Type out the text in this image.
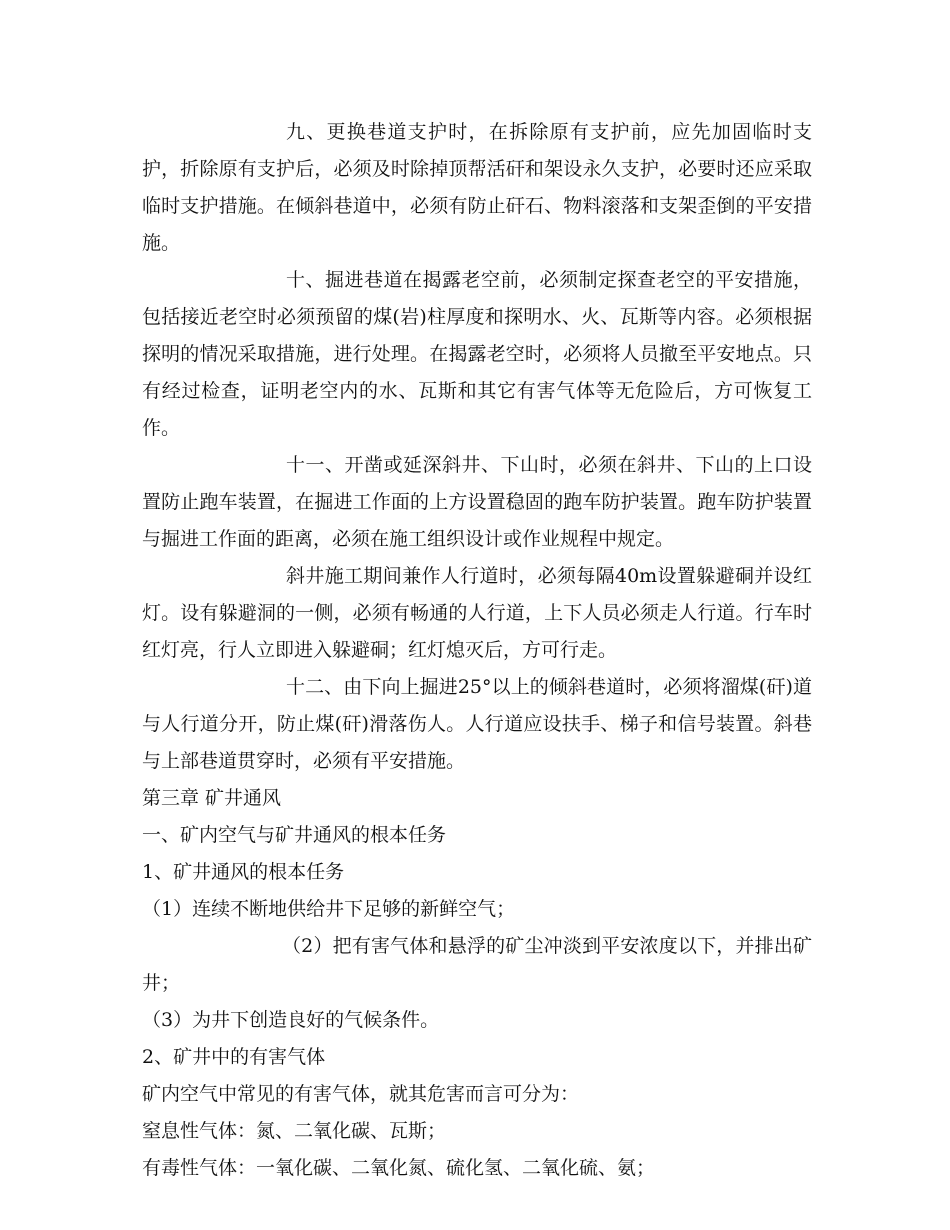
九、更换巷道支护时，在拆除原有支护前，应先加固临时支护，折除原有支护后，必须及时除掉顶帮活矸和架设永久支护，必要时还应采取临时支护措施。在倾斜巷道中，必须有防止矸石、物料滚落和支架歪倒的平安措施。

十、掘进巷道在揭露老空前，必须制定探查老空的平安措施，包括接近老空时必须预留的煤(岩)柱厚度和探明水、火、瓦斯等内容。必须根据探明的情况采取措施，进行处理。在揭露老空时，必须将人员撤至平安地点。只有经过检查，证明老空内的水、瓦斯和其它有害气体等无危险后，方可恢复工作。

十一、开凿或延深斜井、下山时，必须在斜井、下山的上口设置防止跑车装置，在掘进工作面的上方设置稳固的跑车防护装置。跑车防护装置与掘进工作面的距离，必须在施工组织设计或作业规程中规定。

斜井施工期间兼作人行道时，必须每隔40m设置躲避硐并设红灯。设有躲避洞的一侧，必须有畅通的人行道，上下人员必须走人行道。行车时红灯亮，行人立即进入躲避硐；红灯熄灭后，方可行走。

十二、由下向上掘进25°以上的倾斜巷道时，必须将溜煤(矸)道与人行道分开，防止煤(矸)滑落伤人。人行道应设扶手、梯子和信号装置。斜巷与上部巷道贯穿时，必须有平安措施。

第三章 矿井通风

一、矿内空气与矿井通风的根本任务

1、矿井通风的根本任务

（1）连续不断地供给井下足够的新鲜空气；

（2）把有害气体和悬浮的矿尘冲淡到平安浓度以下，并排出矿井；

（3）为井下创造良好的气候条件。

2、矿井中的有害气体

矿内空气中常见的有害气体，就其危害而言可分为：

窒息性气体：氮、二氧化碳、瓦斯；

有毒性气体：一氧化碳、二氧化氮、硫化氢、二氧化硫、氨；
